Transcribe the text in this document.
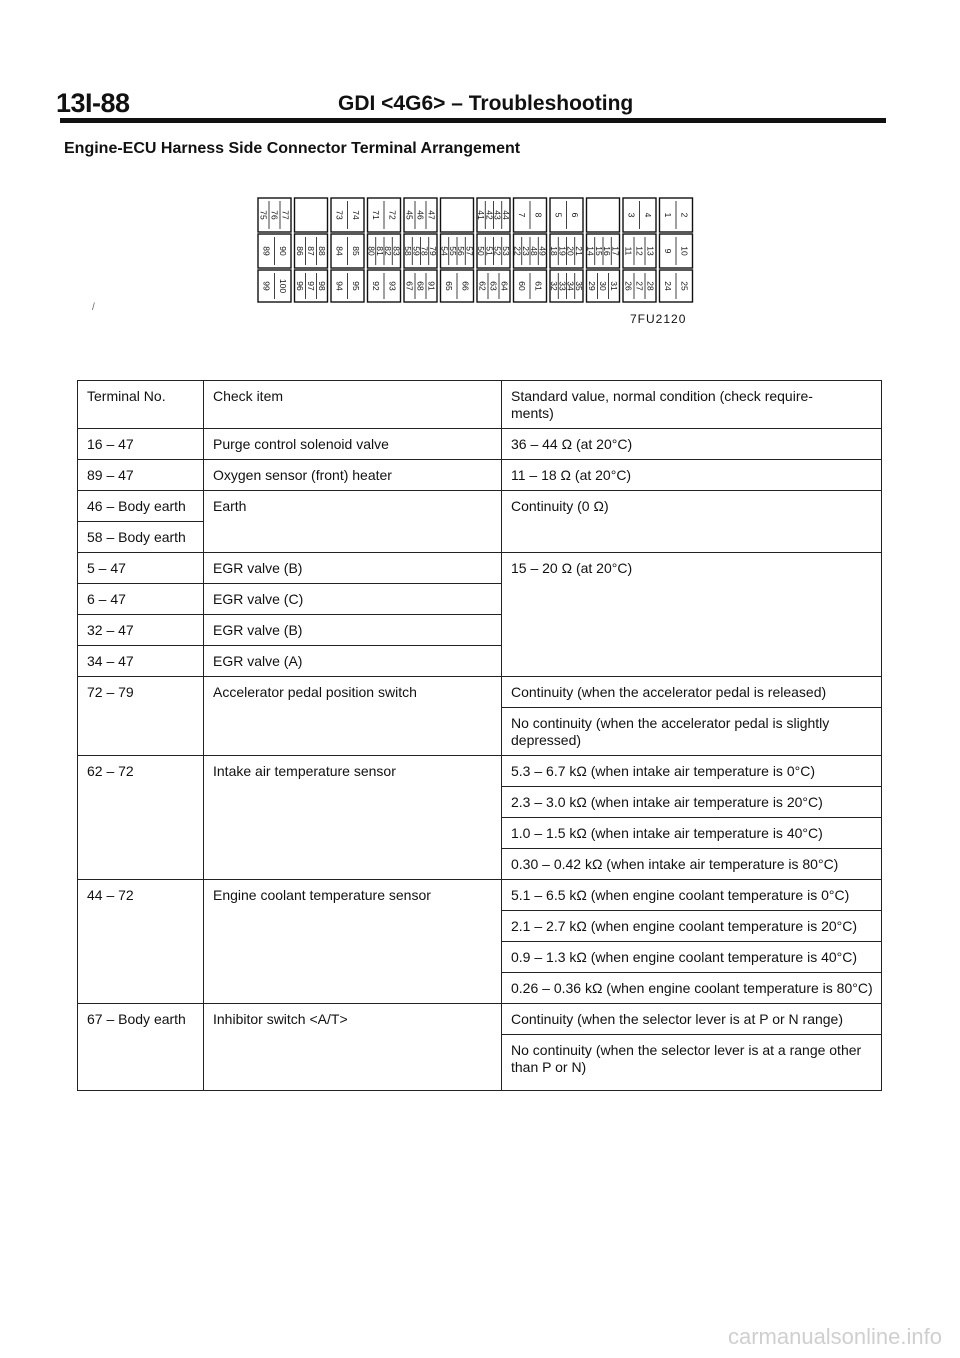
13I-88	GDI <4G6> – Troubleshooting
Engine-ECU Harness Side Connector Terminal Arrangement
75 76 77
89 90
99 100
86 87 88
96 97 98
73 74
84 85
94 95
71 72
80
81
82
83
92 93
45 46 47
58
59
78
79
67 68 91
54
55
56
57
65 66
41
42
43
44
50
51
52
53
62 63 64
7 8
22
23
48
49
60 61
5 6
18
19
20
21
32
33
34
35
14
15
16
17
29 30 31
3 4
11 12 13
26 27 28
1 2
9 10
24 25
/
7FU2120
Terminal No.	Check item	Standard value, normal condition (check require-
ments)
16 – 47	Purge control solenoid valve	36 – 44 Ω (at 20°C)
89 – 47	Oxygen sensor (front) heater	11 – 18 Ω (at 20°C)
46 – Body earth	Earth	Continuity (0 Ω)
58 – Body earth		
5 – 47	EGR valve (B)	15 – 20 Ω (at 20°C)
6 – 47	EGR valve (C)	
32 – 47	EGR valve (B)	
34 – 47	EGR valve (A)	
72 – 79	Accelerator pedal position switch	Continuity (when the accelerator pedal is released)
		No continuity (when the accelerator pedal is slightly depressed)
62 – 72	Intake air temperature sensor	5.3 – 6.7 kΩ (when intake air temperature is 0°C)
		2.3 – 3.0 kΩ (when intake air temperature is 20°C)
		1.0 – 1.5 kΩ (when intake air temperature is 40°C)
		0.30 – 0.42 kΩ (when intake air temperature is 80°C)
44 – 72	Engine coolant temperature sensor	5.1 – 6.5 kΩ (when engine coolant temperature is 0°C)
		2.1 – 2.7 kΩ (when engine coolant temperature is 20°C)
		0.9 – 1.3 kΩ (when engine coolant temperature is 40°C)
		0.26 – 0.36 kΩ (when engine coolant temperature is 80°C)
67 – Body earth	Inhibitor switch <A/T>	Continuity (when the selector lever is at P or N range)
		No continuity (when the selector lever is at a range other than P or N)
carmanualsonline.info
